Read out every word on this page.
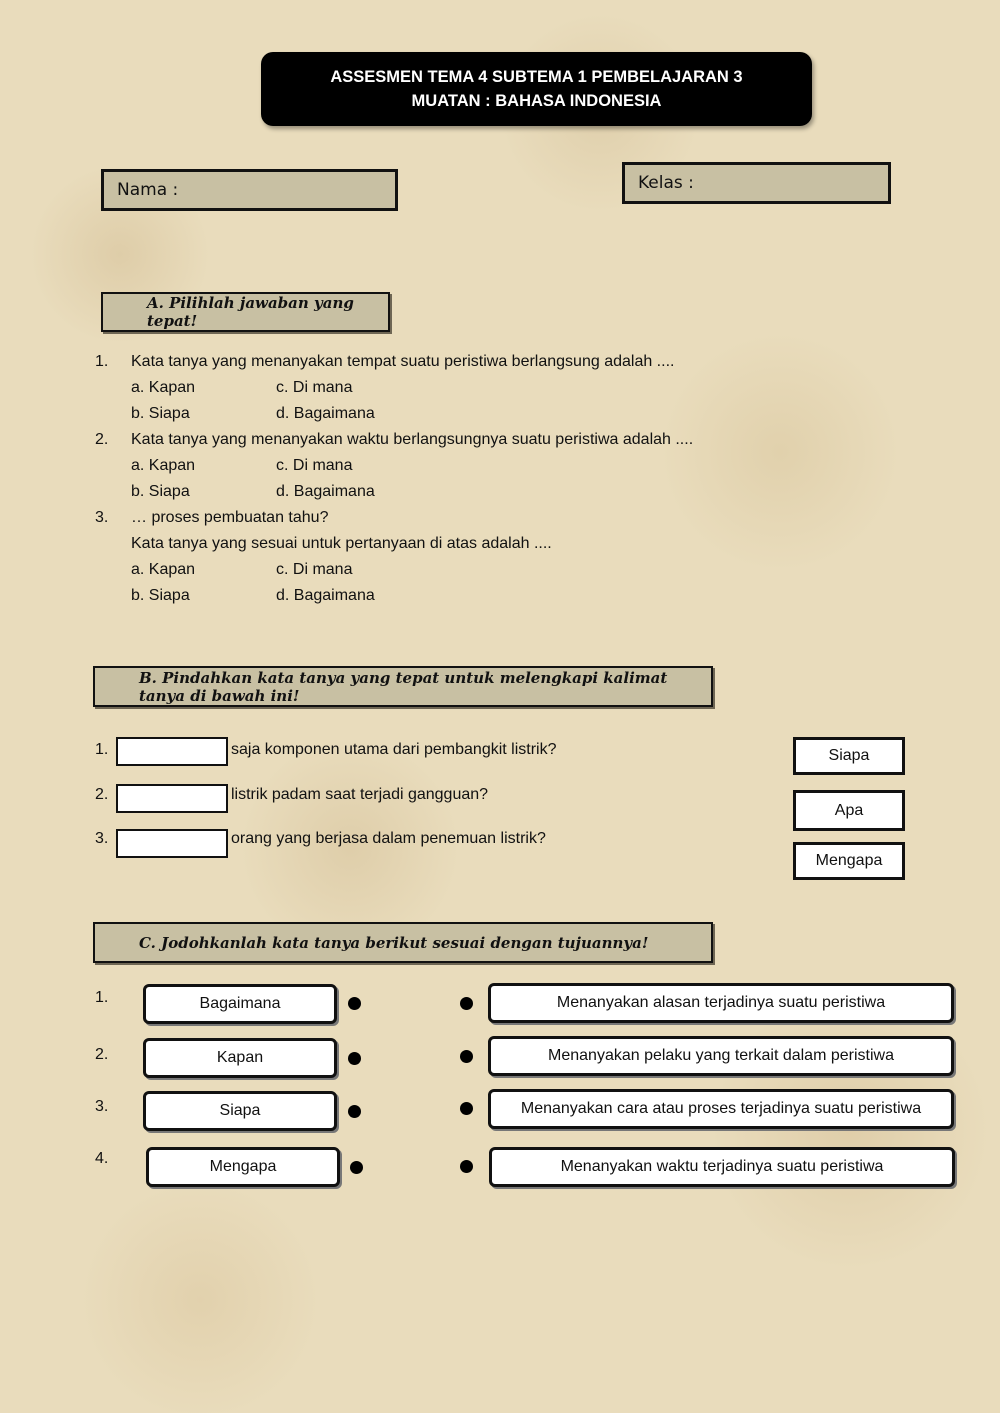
ASSESMEN TEMA 4 SUBTEMA 1 PEMBELAJARAN 3
MUATAN : BAHASA INDONESIA
Nama :	Kelas :
A. Pilihlah jawaban yang tepat!
1. Kata tanya yang menanyakan tempat suatu peristiwa berlangsung adalah ....
a. Kapan	c. Di mana
b. Siapa	d. Bagaimana
2. Kata tanya yang menanyakan waktu berlangsungnya suatu peristiwa adalah ....
a. Kapan	c. Di mana
b. Siapa	d. Bagaimana
3. … proses pembuatan tahu?
Kata tanya yang sesuai untuk pertanyaan di atas adalah ....
a. Kapan	c. Di mana
b. Siapa	d. Bagaimana
B. Pindahkan kata tanya yang tepat untuk melengkapi kalimat tanya di bawah ini!
1.	saja komponen utama dari pembangkit listrik?
2.	listrik padam saat terjadi gangguan?
3.	orang yang berjasa dalam penemuan listrik?
Siapa
Apa
Mengapa
C. Jodohkanlah kata tanya berikut sesuai dengan tujuannya!
1.	Bagaimana	Menanyakan alasan terjadinya suatu peristiwa
2.	Kapan	Menanyakan pelaku yang terkait dalam peristiwa
3.	Siapa	Menanyakan cara atau proses terjadinya suatu peristiwa
4.	Mengapa	Menanyakan waktu terjadinya suatu peristiwa
